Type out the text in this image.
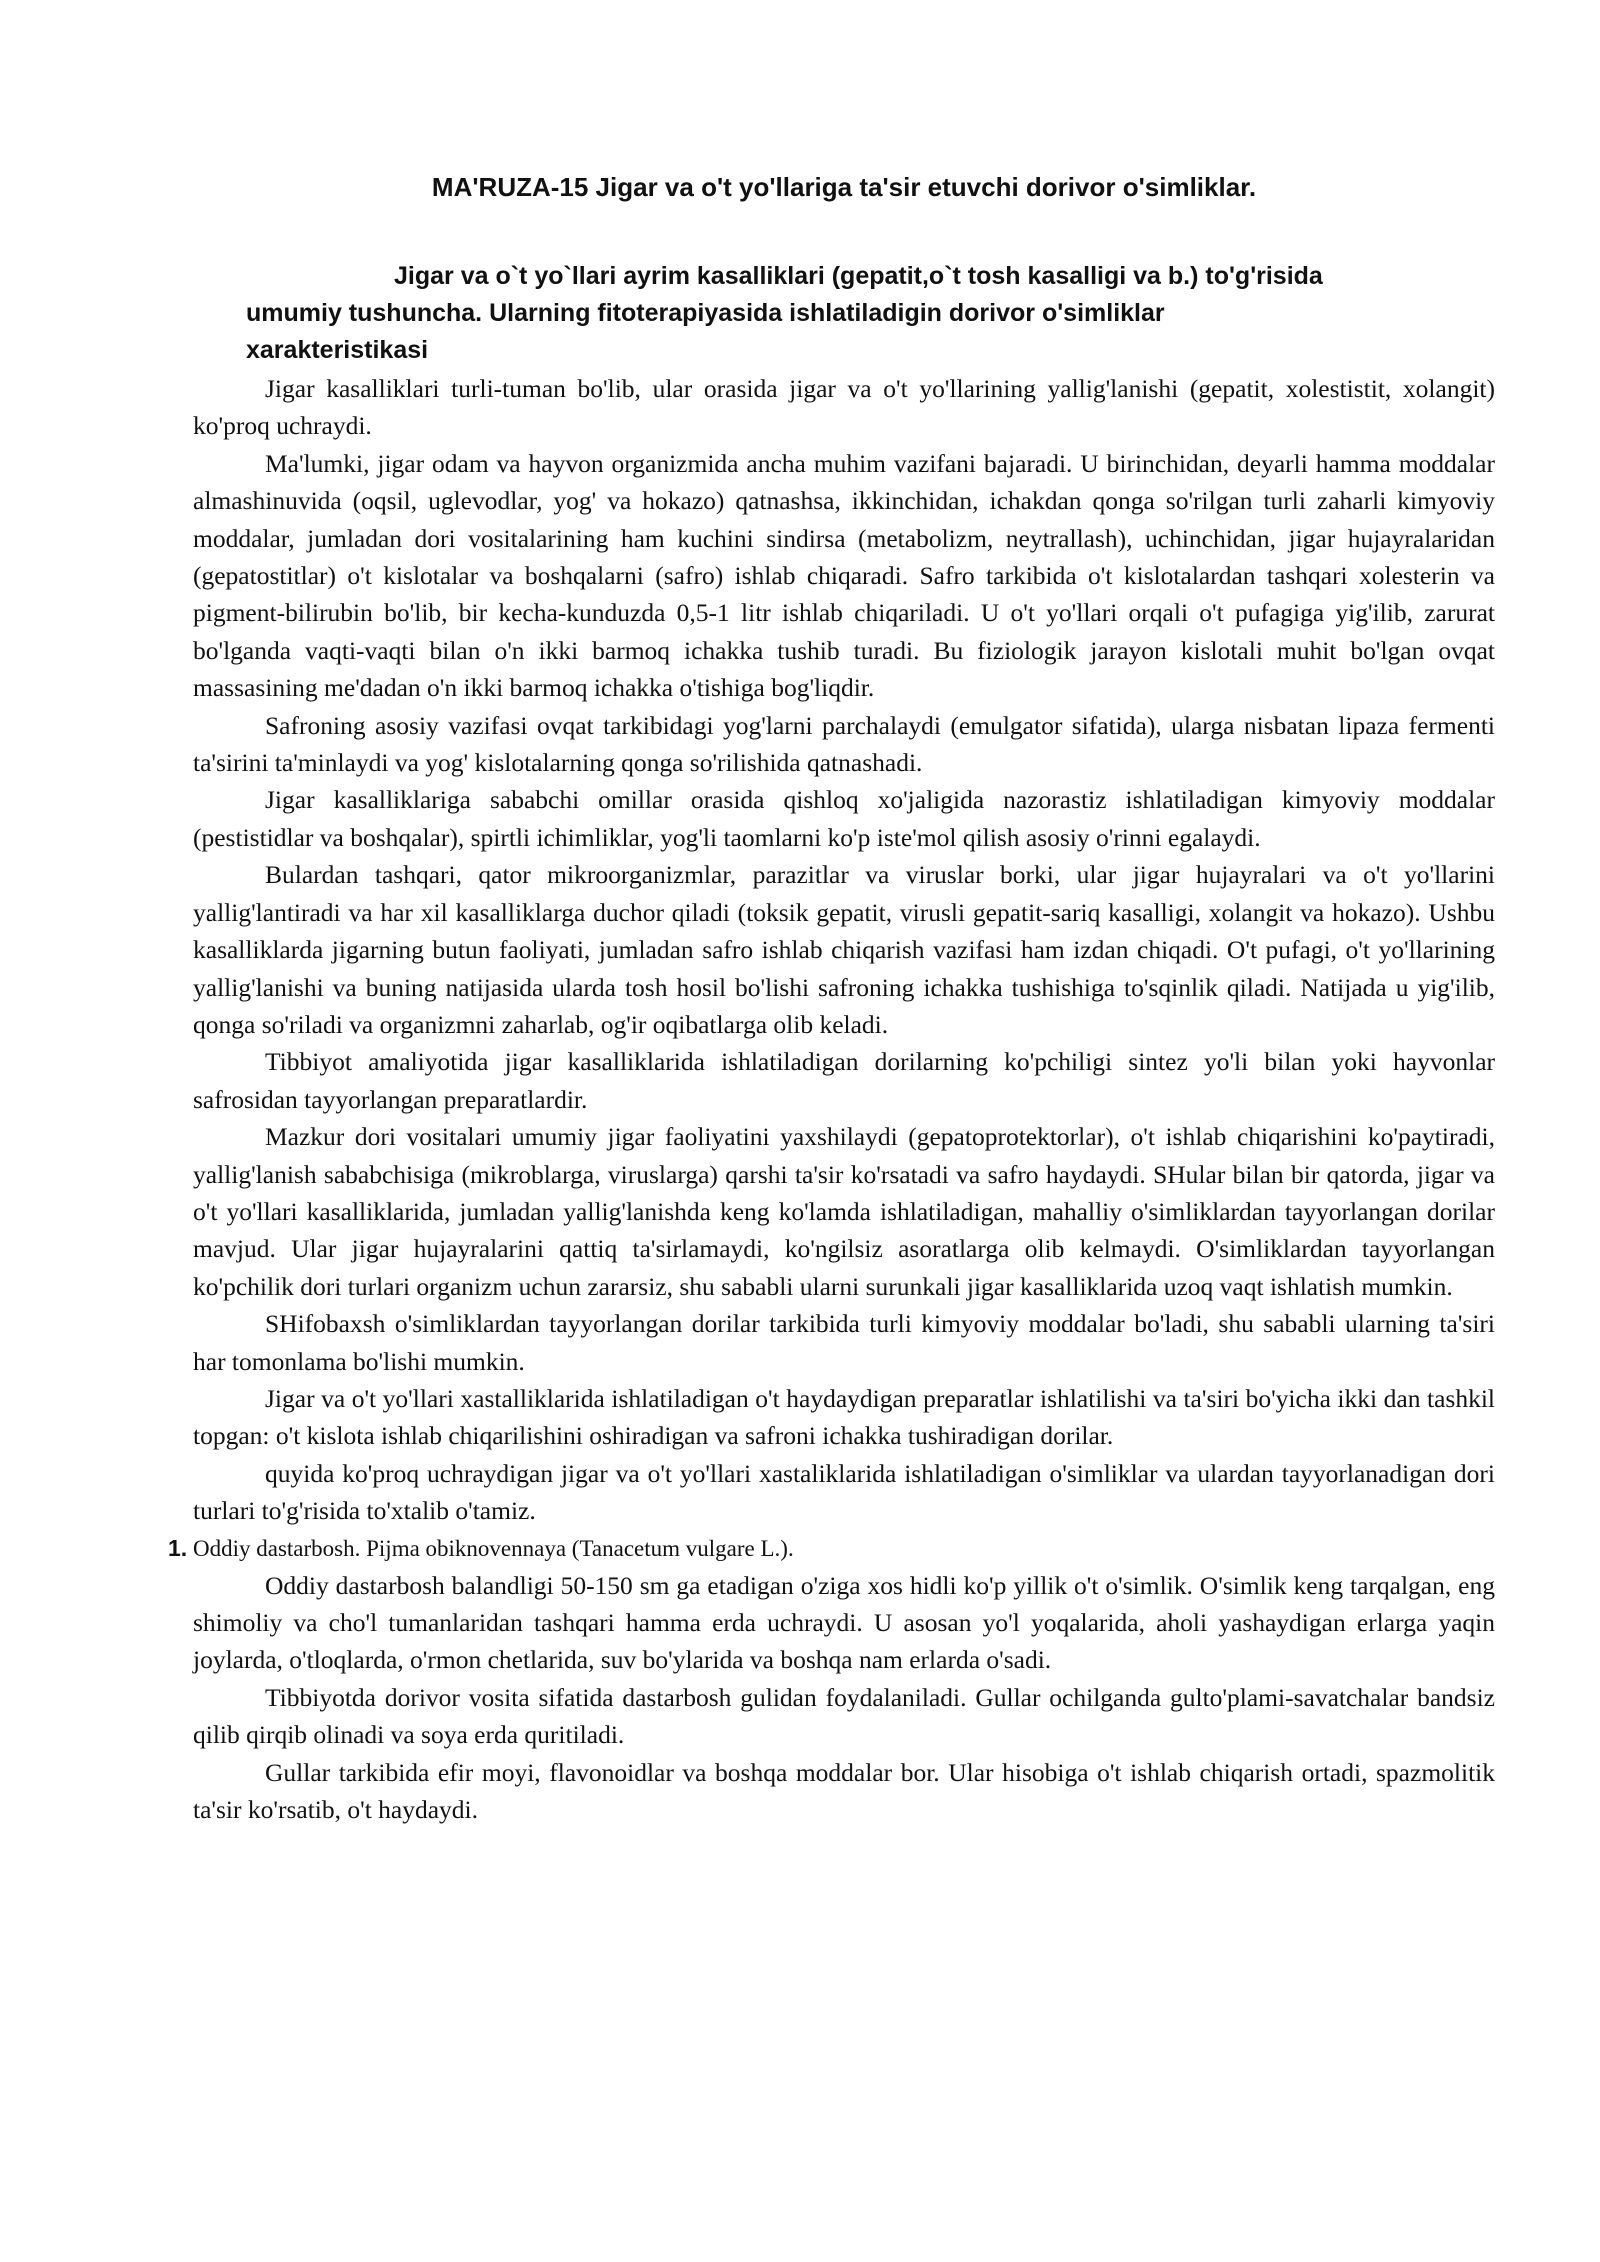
MA'RUZA-15 Jigar va o't yo'llariga ta'sir etuvchi dorivor o'simliklar.
Jigar va o`t yo`llari ayrim kasalliklari (gepatit,o`t tosh kasalligi va b.) to'g'risida
umumiy tushuncha. Ularning fitoterapiyasida ishlatiladigin dorivor o'simliklar
xarakteristikasi

Jigar kasalliklari turli-tuman bo'lib, ular orasida jigar va o't yo'llarining yallig'lanishi (gepatit, xolestistit, xolangit) ko'proq uchraydi.

Ma'lumki, jigar odam va hayvon organizmida ancha muhim vazifani bajaradi. U birinchidan, deyarli hamma moddalar almashinuvida (oqsil, uglevodlar, yog' va hokazo) qatnashsa, ikkinchidan, ichakdan qonga so'rilgan turli zaharli kimyoviy moddalar, jumladan dori vositalarining ham kuchini sindirsa (metabolizm, neytrallash), uchinchidan, jigar hujayralaridan (gepatostitlar) o't kislotalar va boshqalarni (safro) ishlab chiqaradi. Safro tarkibida o't kislotalardan tashqari xolesterin va pigment-bilirubin bo'lib, bir kecha-kunduzda 0,5-1 litr ishlab chiqariladi. U o't yo'llari orqali o't pufagiga yig'ilib, zarurat bo'lganda vaqti-vaqti bilan o'n ikki barmoq ichakka tushib turadi. Bu fiziologik jarayon kislotali muhit bo'lgan ovqat massasining me'dadan o'n ikki barmoq ichakka o'tishiga bog'liqdir.

Safroning asosiy vazifasi ovqat tarkibidagi yog'larni parchalaydi (emulgator sifatida), ularga nisbatan lipaza fermenti ta'sirini ta'minlaydi va yog' kislotalarning qonga so'rilishida qatnashadi.

Jigar kasalliklariga sababchi omillar orasida qishloq xo'jaligida nazorastiz ishlatiladigan kimyoviy moddalar (pestistidlar va boshqalar), spirtli ichimliklar, yog'li taomlarni ko'p iste'mol qilish asosiy o'rinni egalaydi.

Bulardan tashqari, qator mikroorganizmlar, parazitlar va viruslar borki, ular jigar hujayralari va o't yo'llarini yallig'lantiradi va har xil kasalliklarga duchor qiladi (toksik gepatit, virusli gepatit-sariq kasalligi, xolangit va hokazo). Ushbu kasalliklarda jigarning butun faoliyati, jumladan safro ishlab chiqarish vazifasi ham izdan chiqadi. O't pufagi, o't yo'llarining yallig'lanishi va buning natijasida ularda tosh hosil bo'lishi safroning ichakka tushishiga to'sqinlik qiladi. Natijada u yig'ilib, qonga so'riladi va organizmni zaharlab, og'ir oqibatlarga olib keladi.

Tibbiyot amaliyotida jigar kasalliklarida ishlatiladigan dorilarning ko'pchiligi sintez yo'li bilan yoki hayvonlar safrosidan tayyorlangan preparatlardir.

Mazkur dori vositalari umumiy jigar faoliyatini yaxshilaydi (gepatoprotektorlar), o't ishlab chiqarishini ko'paytiradi, yallig'lanish sababchisiga (mikroblarga, viruslarga) qarshi ta'sir ko'rsatadi va safro haydaydi. SHular bilan bir qatorda, jigar va o't yo'llari kasalliklarida, jumladan yallig'lanishda keng ko'lamda ishlatiladigan, mahalliy o'simliklardan tayyorlangan dorilar mavjud. Ular jigar hujayralarini qattiq ta'sirlamaydi, ko'ngilsiz asoratlarga olib kelmaydi. O'simliklardan tayyorlangan ko'pchilik dori turlari organizm uchun zararsiz, shu sababli ularni surunkali jigar kasalliklarida uzoq vaqt ishlatish mumkin.

SHifobaxsh o'simliklardan tayyorlangan dorilar tarkibida turli kimyoviy moddalar bo'ladi, shu sababli ularning ta'siri har tomonlama bo'lishi mumkin.

Jigar va o't yo'llari xastalliklarida ishlatiladigan o't haydaydigan preparatlar ishlatilishi va ta'siri bo'yicha ikki dan tashkil topgan: o't kislota ishlab chiqarilishini oshiradigan va safroni ichakka tushiradigan dorilar.

quyida ko'proq uchraydigan jigar va o't yo'llari xastaliklarida ishlatiladigan o'simliklar va ulardan tayyorlanadigan dori turlari to'g'risida to'xtalib o'tamiz.

1. Oddiy dastarbosh. Pijma obiknovennaya (Tanacetum vulgare L.).

Oddiy dastarbosh balandligi 50-150 sm ga etadigan o'ziga xos hidli ko'p yillik o't o'simlik. O'simlik keng tarqalgan, eng shimoliy va cho'l tumanlaridan tashqari hamma erda uchraydi. U asosan yo'l yoqalarida, aholi yashaydigan erlarga yaqin joylarda, o'tloqlarda, o'rmon chetlarida, suv bo'ylarida va boshqa nam erlarda o'sadi.

Tibbiyotda dorivor vosita sifatida dastarbosh gulidan foydalaniladi. Gullar ochilganda gulto'plami-savatchalar bandsiz qilib qirqib olinadi va soya erda quritiladi.

Gullar tarkibida efir moyi, flavonoidlar va boshqa moddalar bor. Ular hisobiga o't ishlab chiqarish ortadi, spazmolitik ta'sir ko'rsatib, o't haydaydi.
